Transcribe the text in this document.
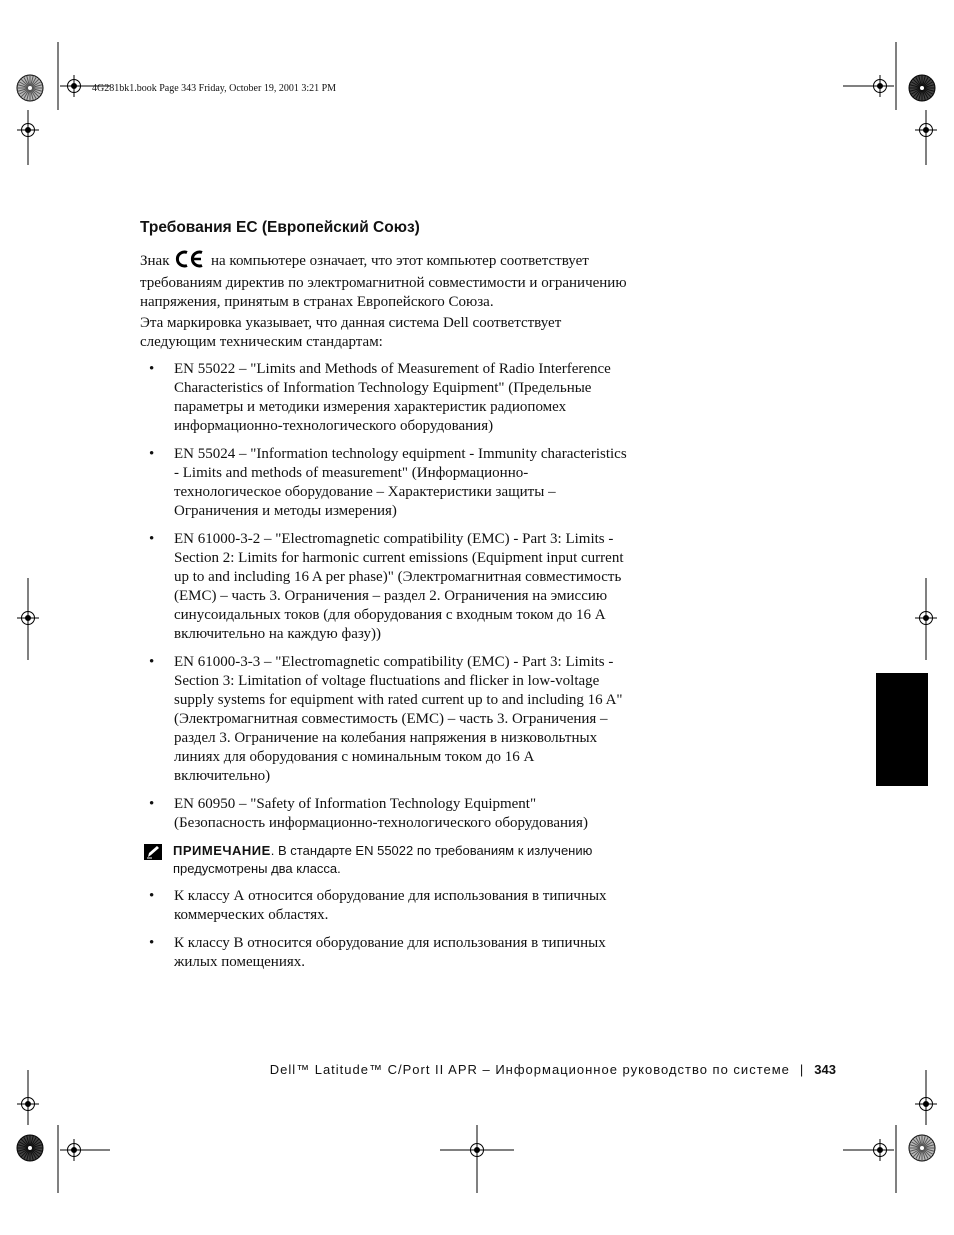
4G281bk1.book Page 343 Friday, October 19, 2001 3:21 PM
Требования ЕС (Европейский Союз)

Знак	на компьютере означает, что этот компьютер соответствует требованиям директив по электромагнитной совместимости и ограничению напряжения, принятым в странах Европейского Союза.

Эта маркировка указывает, что данная система Dell соответствует следующим техническим стандартам:

• EN 55022 – "Limits and Methods of Measurement of Radio Interference Characteristics of Information Technology Equipment" (Предельные параметры и методики измерения характеристик радиопомех информационно-технологического оборудования)
• EN 55024 – "Information technology equipment - Immunity characteristics - Limits and methods of measurement" (Информационно-технологическое оборудование – Характеристики защиты – Ограничения и методы измерения)
• EN 61000-3-2 – "Electromagnetic compatibility (EMC) - Part 3: Limits - Section 2: Limits for harmonic current emissions (Equipment input current up to and including 16 A per phase)" (Электромагнитная совместимость (ЕМС) – часть 3. Ограничения – раздел 2. Ограничения на эмиссию синусоидальных токов (для оборудования с входным током до 16 А включительно на каждую фазу))
• EN 61000-3-3 – "Electromagnetic compatibility (EMC) - Part 3: Limits - Section 3: Limitation of voltage fluctuations and flicker in low-voltage supply systems for equipment with rated current up to and including 16 A" (Электромагнитная совместимость (EMC) – часть 3. Ограничения – раздел 3. Ограничение на колебания напряжения в низковольтных линиях для оборудования с номинальным током до 16 А включительно)
• EN 60950 – "Safety of Information Technology Equipment" (Безопасность информационно-технологического оборудования)
ПРИМЕЧАНИЕ. В стандарте EN 55022 по требованиям к излучению предусмотрены два класса.
• К классу А относится оборудование для использования в типичных коммерческих областях.
• К классу В относится оборудование для использования в типичных жилых помещениях.
Dell™ Latitude™ C/Port II APR – Информационное руководство по системе | 343
